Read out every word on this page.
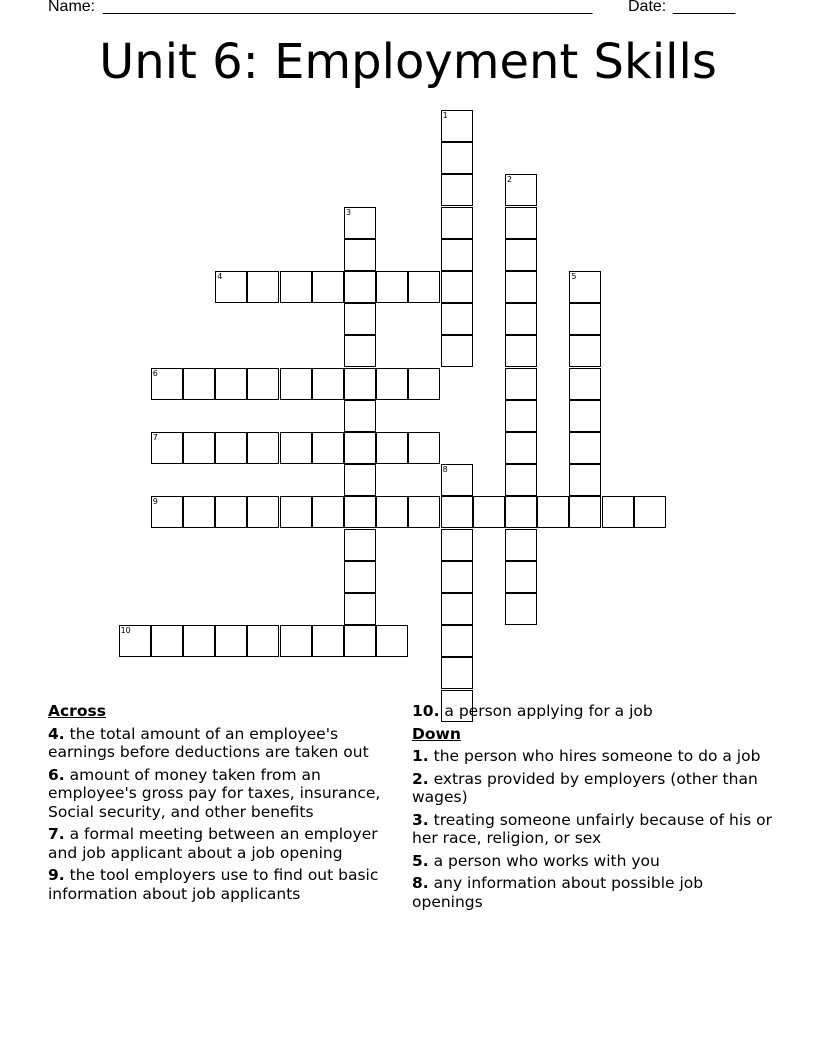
Name: _______________________________________________________ Date: _______
Unit 6: Employment Skills
1
2
3
5
8
4
6
7
9
10
Across
4. the total amount of an employee's earnings before deductions are taken out
6. amount of money taken from an employee's gross pay for taxes, insurance, Social security, and other benefits
7. a formal meeting between an employer and job applicant about a job opening
9. the tool employers use to find out basic information about job applicants
10. a person applying for a job
Down
1. the person who hires someone to do a job
2. extras provided by employers (other than wages)
3. treating someone unfairly because of his or her race, religion, or sex
5. a person who works with you
8. any information about possible job openings
